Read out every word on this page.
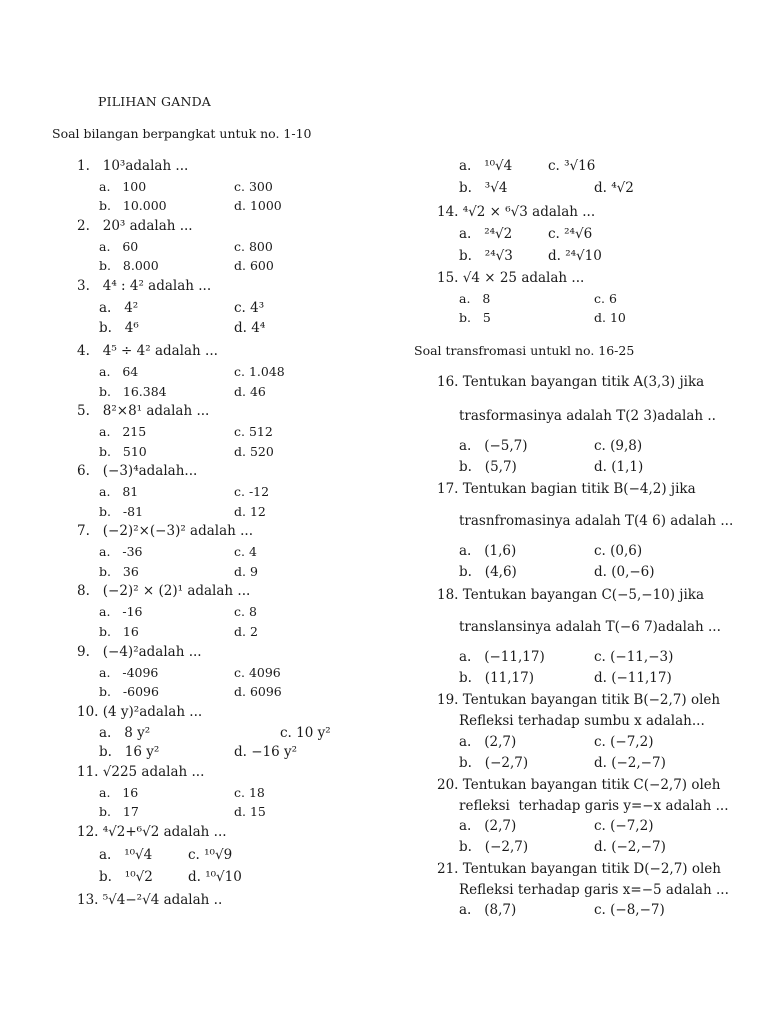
PILIHAN GANDA
Soal bilangan berpangkat untuk no. 1-10
1.   10³adalah ...
a.   100	c. 300
b.   10.000	d. 1000
2.   20³ adalah ...
a.   60	c. 800
b.   8.000	d. 600
3.   4⁴ : 4² adalah ...
a.   4²	c. 4³
b.   4⁶	d. 4⁴
4.   4⁵ ÷ 4² adalah ...
a.   64	c. 1.048
b.   16.384	d. 46
5.   8²×8¹ adalah ...
a.   215	c. 512
b.   510	d. 520
6.   (−3)⁴adalah...
a.   81	c. -12
b.   -81	d. 12
7.   (−2)²×(−3)² adalah ...
a.   -36	c. 4
b.   36	d. 9
8.   (−2)² × (2)¹ adalah ...
a.   -16	c. 8
b.   16	d. 2
9.   (−4)²adalah ...
a.   -4096	c. 4096
b.   -6096	d. 6096
10. (4 y)²adalah ...
a.   8 y²	c. 10 y²
b.   16 y²	d. −16 y²
11. √225 adalah ...
a.   16	c. 18
b.   17	d. 15
12. ⁴√2+⁶√2 adalah ...
a.   ¹⁰√4	c. ¹⁰√9
b.   ¹⁰√2	d. ¹⁰√10
13. ⁵√4−²√4 adalah ..
a.   ¹⁰√4	c. ³√16
b.   ³√4	d. ⁴√2
14. ⁴√2 × ⁶√3 adalah ...
a.   ²⁴√2	c. ²⁴√6
b.   ²⁴√3	d. ²⁴√10
15. √4 × 25 adalah ...
a.   8	c. 6
b.   5	d. 10
Soal transfromasi untukl no. 16-25
16. Tentukan bayangan titik A(3,3) jika
trasformasinya adalah T(2 3)adalah ..
a.   (−5,7)	c. (9,8)
b.   (5,7)	d. (1,1)
17. Tentukan bagian titik B(−4,2) jika
trasnfromasinya adalah T(4 6) adalah ...
a.   (1,6)	c. (0,6)
b.   (4,6)	d. (0,−6)
18. Tentukan bayangan C(−5,−10) jika
translansinya adalah T(−6 7)adalah ...
a.   (−11,17)	c. (−11,−3)
b.   (11,17)	d. (−11,17)
19. Tentukan bayangan titik B(−2,7) oleh
Refleksi terhadap sumbu x adalah...
a.   (2,7)	c. (−7,2)
b.   (−2,7)	d. (−2,−7)
20. Tentukan bayangan titik C(−2,7) oleh
refleksi  terhadap garis y=−x adalah ...
a.   (2,7)	c. (−7,2)
b.   (−2,7)	d. (−2,−7)
21. Tentukan bayangan titik D(−2,7) oleh
Refleksi terhadap garis x=−5 adalah ...
a.   (8,7)	c. (−8,−7)
